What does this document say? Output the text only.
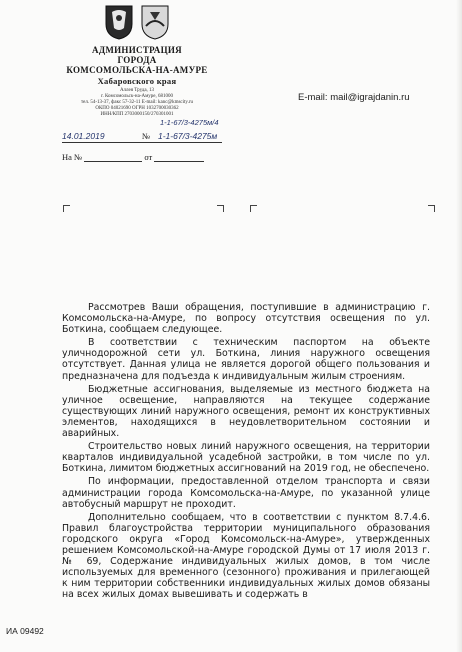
АДМИНИСТРАЦИЯ
ГОРОДА
КОМСОМОЛЬСКА-НА-АМУРЕ
Хабаровского края
Аллея Труда, 13
г. Комсомольск-на-Амуре, 681000
тел. 54-13-37, факс 57-32-11 E-mail: kanc@kmscity.ru
ОКПО 04021690 ОГРН 1032700030362
ИНН/КПП 2703000150/270301001
E-mail: mail@igrajdanin.ru
1-1-67/3-4275м/4
14.01.2019	№ 1-1-67/3-4275м
На №	от

Рассмотрев Ваши обращения, поступившие в администрацию г. Комсомольска-на-Амуре, по вопросу отсутствия освещения по ул. Боткина, сообщаем следующее.

В соответствии с техническим паспортом на объекте уличнодорожной сети ул. Боткина, линия наружного освещения отсутствует. Данная улица не является дорогой общего пользования и предназначена для подъезда к индивидуальным жилым строениям.

Бюджетные ассигнования, выделяемые из местного бюджета на уличное освещение, направляются на текущее содержание существующих линий наружного освещения, ремонт их конструктивных элементов, находящихся в неудовлетворительном состоянии и аварийных.

Строительство новых линий наружного освещения, на территории кварталов индивидуальной усадебной застройки, в том числе по ул. Боткина, лимитом бюджетных ассигнований на 2019 год, не обеспечено.

По информации, предоставленной отделом транспорта и связи администрации города Комсомольска-на-Амуре, по указанной улице автобусный маршрут не проходит.

Дополнительно сообщаем, что в соответствии с пунктом 8.7.4.6. Правил благоустройства территории муниципального образования городского округа «Город Комсомольск-на-Амуре», утвержденных решением Комсомольской-на-Амуре городской Думы от 17 июля 2013 г. № 69, Содержание индивидуальных жилых домов, в том числе используемых для временного (сезонного) проживания и прилегающей к ним территории собственники индивидуальных жилых домов обязаны на всех жилых домах вывешивать и содержать в

ИА 09492
